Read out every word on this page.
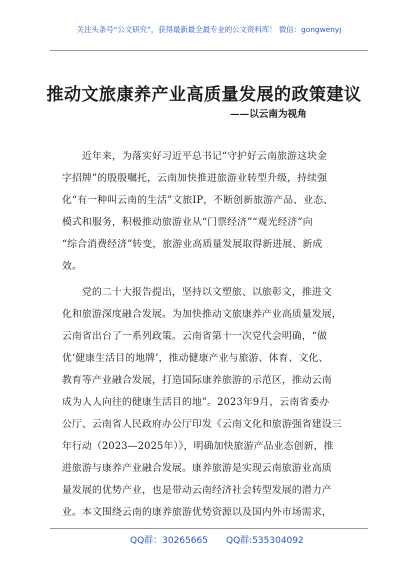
关注头条号“公文研究”，获得最新最全最专业的公文资料库！ 微信：gongwenyj
推动文旅康养产业高质量发展的政策建议
——以云南为视角
近年来，为落实好习近平总书记“守护好云南旅游这块金
字招牌”的殷殷嘱托，云南加快推进旅游业转型升级，持续强
化“有一种叫云南的生活”文旅IP，不断创新旅游产品、业态、
模式和服务，积极推动旅游业从“门票经济”“观光经济”向
“综合消费经济”转变，旅游业高质量发展取得新进展、新成
效。
党的二十大报告提出，坚持以文塑旅、以旅彰文，推进文
化和旅游深度融合发展。为加快推动文旅康养产业高质量发展，
云南省出台了一系列政策。云南省第十一次党代会明确，“做
优‘健康生活目的地牌’，推动健康产业与旅游、体育、文化、
教育等产业融合发展，打造国际康养旅游的示范区，推动云南
成为人人向往的健康生活目的地”。2023年9月，云南省委办
公厅、云南省人民政府办公厅印发《云南文化和旅游强省建设三
年行动（2023—2025年）》，明确加快旅游产品业态创新，推
进旅游与康养产业融合发展。康养旅游是实现云南旅游业高质
量发展的优势产业，也是带动云南经济社会转型发展的潜力产
业。本文围绕云南的康养旅游优势资源以及国内外市场需求，
QQ群：30265665 QQ群:535304092
